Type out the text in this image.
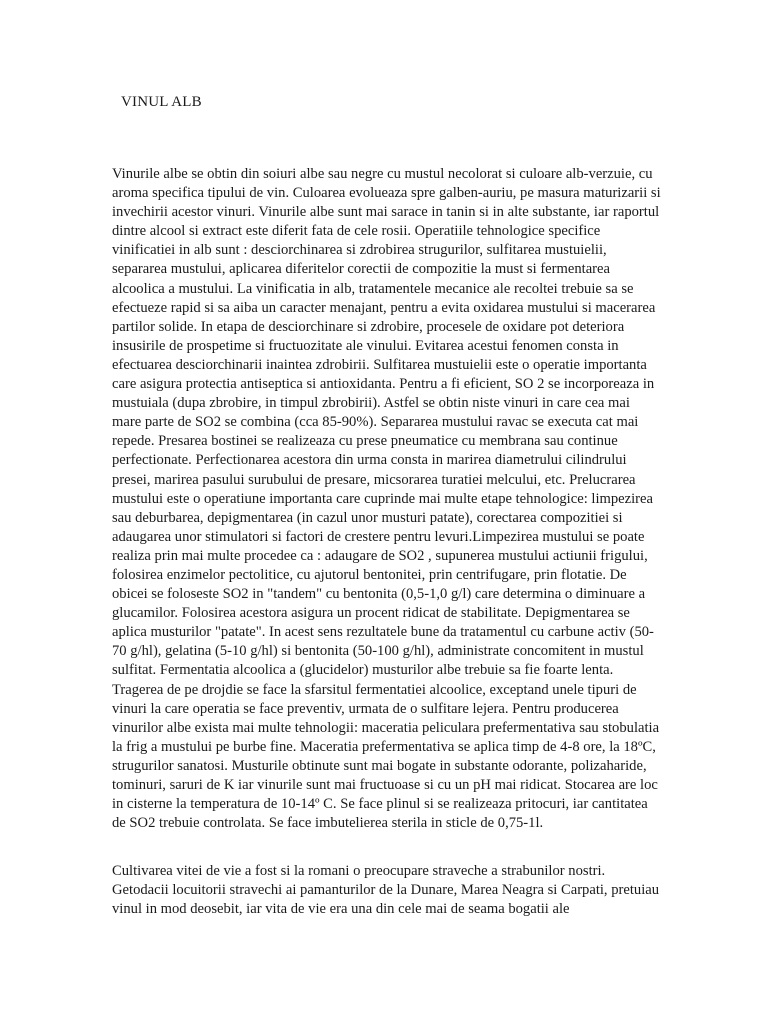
VINUL ALB

Vinurile albe se obtin din soiuri albe sau negre cu mustul necolorat si culoare alb-verzuie, cu aroma specifica tipului de vin. Culoarea evolueaza spre galben-auriu, pe masura maturizarii si invechirii acestor vinuri. Vinurile albe sunt mai sarace in tanin si in alte substante, iar raportul dintre alcool si extract este diferit fata de cele rosii. Operatiile tehnologice specifice vinificatiei in alb sunt : desciorchinarea si zdrobirea strugurilor, sulfitarea mustuielii, separarea mustului, aplicarea diferitelor corectii de compozitie la must si fermentarea alcoolica a mustului. La vinificatia in alb, tratamentele mecanice ale recoltei trebuie sa se efectueze rapid si sa aiba un caracter menajant, pentru a evita oxidarea mustului si macerarea partilor solide. In etapa de desciorchinare si zdrobire, procesele de oxidare pot deteriora insusirile de prospetime si fructuozitate ale vinului. Evitarea acestui fenomen consta in efectuarea desciorchinarii inaintea zdrobirii. Sulfitarea mustuielii este o operatie importanta care asigura protectia antiseptica si antioxidanta. Pentru a fi eficient, SO 2 se incorporeaza in mustuiala (dupa zbrobire, in timpul zbrobirii). Astfel se obtin niste vinuri in care cea mai mare parte de SO2 se combina (cca 85-90%). Separarea mustului ravac se executa cat mai repede. Presarea bostinei se realizeaza cu prese pneumatice cu membrana sau continue perfectionate. Perfectionarea acestora din urma consta in marirea diametrului cilindrului presei, marirea pasului surubului de presare, micsorarea turatiei melcului, etc. Prelucrarea mustului este o operatiune importanta care cuprinde mai multe etape tehnologice: limpezirea sau deburbarea, depigmentarea (in cazul unor musturi patate), corectarea compozitiei si adaugarea unor stimulatori si factori de crestere pentru levuri.Limpezirea mustului se poate realiza prin mai multe procedee ca : adaugare de SO2 , supunerea mustului actiunii frigului, folosirea enzimelor pectolitice, cu ajutorul bentonitei, prin centrifugare, prin flotatie. De obicei se foloseste SO2 in "tandem" cu bentonita (0,5-1,0 g/l) care determina o diminuare a glucamilor. Folosirea acestora asigura un procent ridicat de stabilitate. Depigmentarea se aplica musturilor "patate". In acest sens rezultatele bune da tratamentul cu carbune activ (50-70 g/hl), gelatina (5-10 g/hl) si bentonita (50-100 g/hl), administrate concomitent in mustul sulfitat. Fermentatia alcoolica a (glucidelor) musturilor albe trebuie sa fie foarte lenta. Tragerea de pe drojdie se face la sfarsitul fermentatiei alcoolice, exceptand unele tipuri de vinuri la care operatia se face preventiv, urmata de o sulfitare lejera. Pentru producerea vinurilor albe exista mai multe tehnologii: maceratia peliculara prefermentativa sau stobulatia la frig a mustului pe burbe fine. Maceratia prefermentativa se aplica timp de 4-8 ore, la 18ºC, strugurilor sanatosi. Musturile obtinute sunt mai bogate in substante odorante, polizaharide, tominuri, saruri de K iar vinurile sunt mai fructuoase si cu un pH mai ridicat. Stocarea are loc in cisterne la temperatura de 10-14º C. Se face plinul si se realizeaza pritocuri, iar cantitatea de SO2 trebuie controlata. Se face imbutelierea sterila in sticle de 0,75-1l.

Cultivarea vitei de vie a fost si la romani o preocupare straveche a strabunilor nostri. Getodacii locuitorii stravechi ai pamanturilor de la Dunare, Marea Neagra si Carpati, pretuiau vinul in mod deosebit, iar vita de vie era una din cele mai de seama bogatii ale
